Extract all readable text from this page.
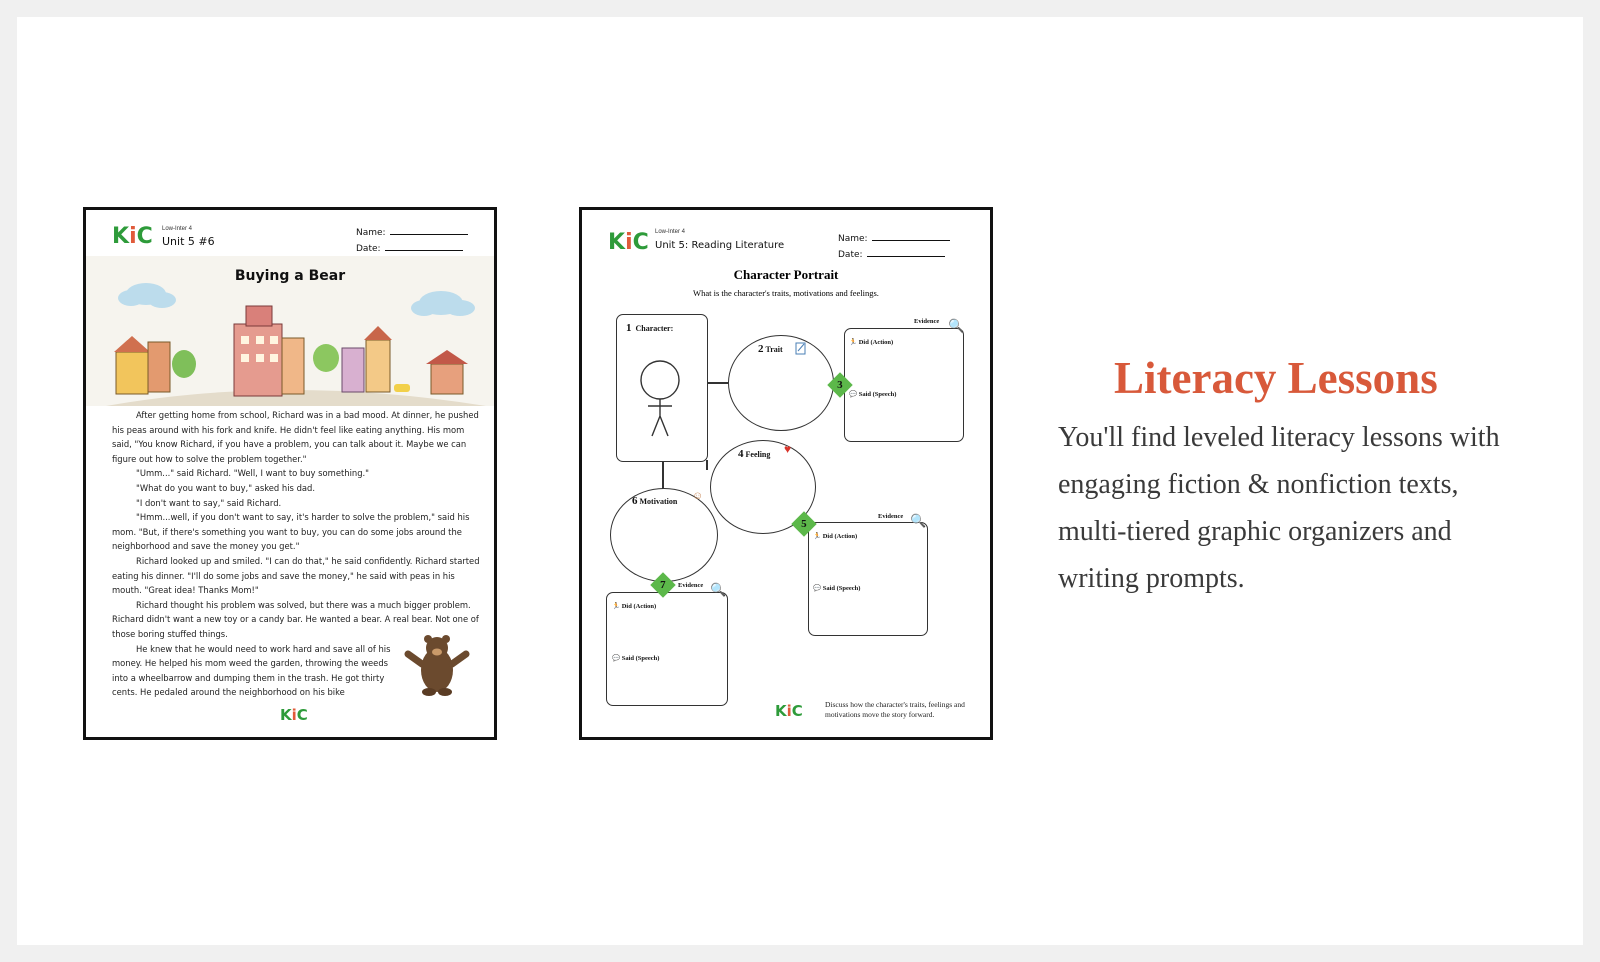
KiC Low-Inter 4
Unit 5 #6
Name:
Date:
Buying a Bear

After getting home from school, Richard was in a bad mood. At dinner, he pushed his peas around with his fork and knife. He didn't feel like eating anything. His mom said, "You know Richard, if you have a problem, you can talk about it. Maybe we can figure out how to solve the problem together."

"Umm..." said Richard. "Well, I want to buy something."

"What do you want to buy," asked his dad.

"I don't want to say," said Richard.

"Hmm...well, if you don't want to say, it's harder to solve the problem," said his mom. "But, if there's something you want to buy, you can do some jobs around the neighborhood and save the money you get."

Richard looked up and smiled. "I can do that," he said confidently. Richard started eating his dinner. "I'll do some jobs and save the money," he said with peas in his mouth. "Great idea! Thanks Mom!"

Richard thought his problem was solved, but there was a much bigger problem. Richard didn't want a new toy or a candy bar. He wanted a bear. A real bear. Not one of those boring stuffed things.

He knew that he would need to work hard and save all of his money. He helped his mom weed the garden, throwing the weeds into a wheelbarrow and dumping them in the trash. He got thirty cents. He pedaled around the neighborhood on his bike

KiC
KiC Low-Inter 4
Unit 5: Reading Literature
Name:
Date:
Character Portrait
What is the character's traits, motivations and feelings.
1 Character:
2 Trait
3
Evidence 🔍
🏃 Did (Action)
💬 Said (Speech)
4 Feeling ♥
5
Evidence 🔍
🏃 Did (Action)
💬 Said (Speech)
6 Motivation ☺
7	Evidence 🔍
🏃 Did (Action)
💬 Said (Speech)
KiC	Discuss how the character's traits, feelings and motivations move the story forward.
Literacy Lessons
You'll find leveled literacy lessons with engaging fiction & nonfiction texts, multi-tiered graphic organizers and writing prompts.
